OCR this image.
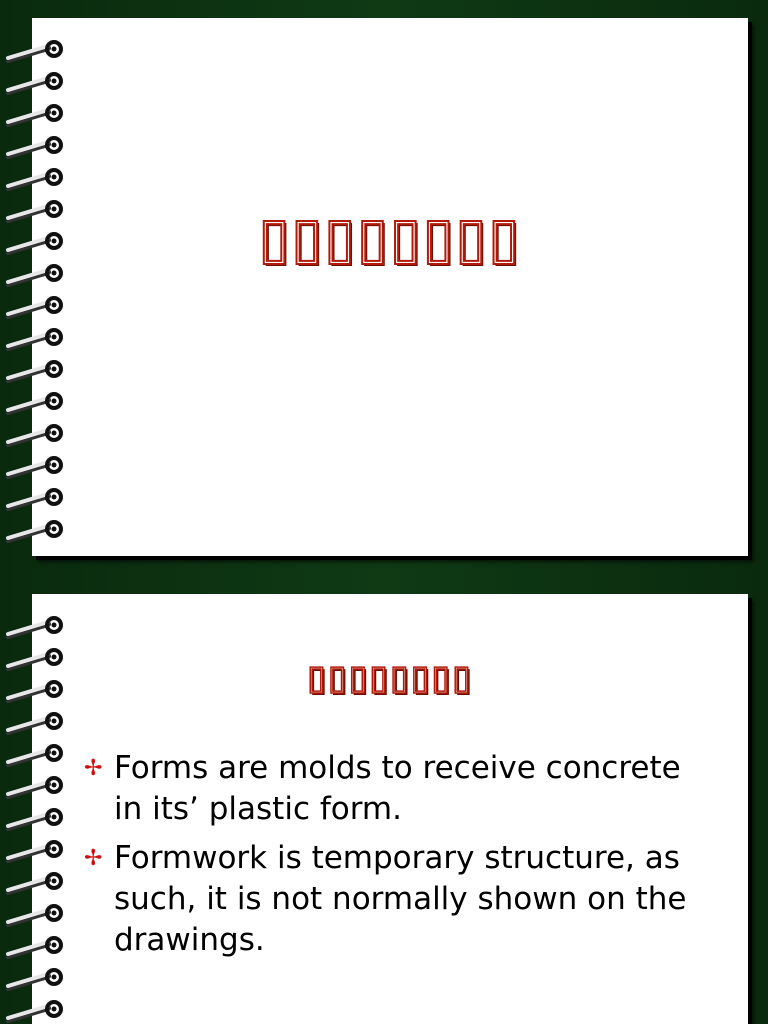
▯▯▯▯▯▯▯▯
▯▯▯▯▯▯▯▯
✢ Forms are molds to receive concrete in its’ plastic form.
✢ Formwork is temporary structure, as such, it is not normally shown on the drawings.
